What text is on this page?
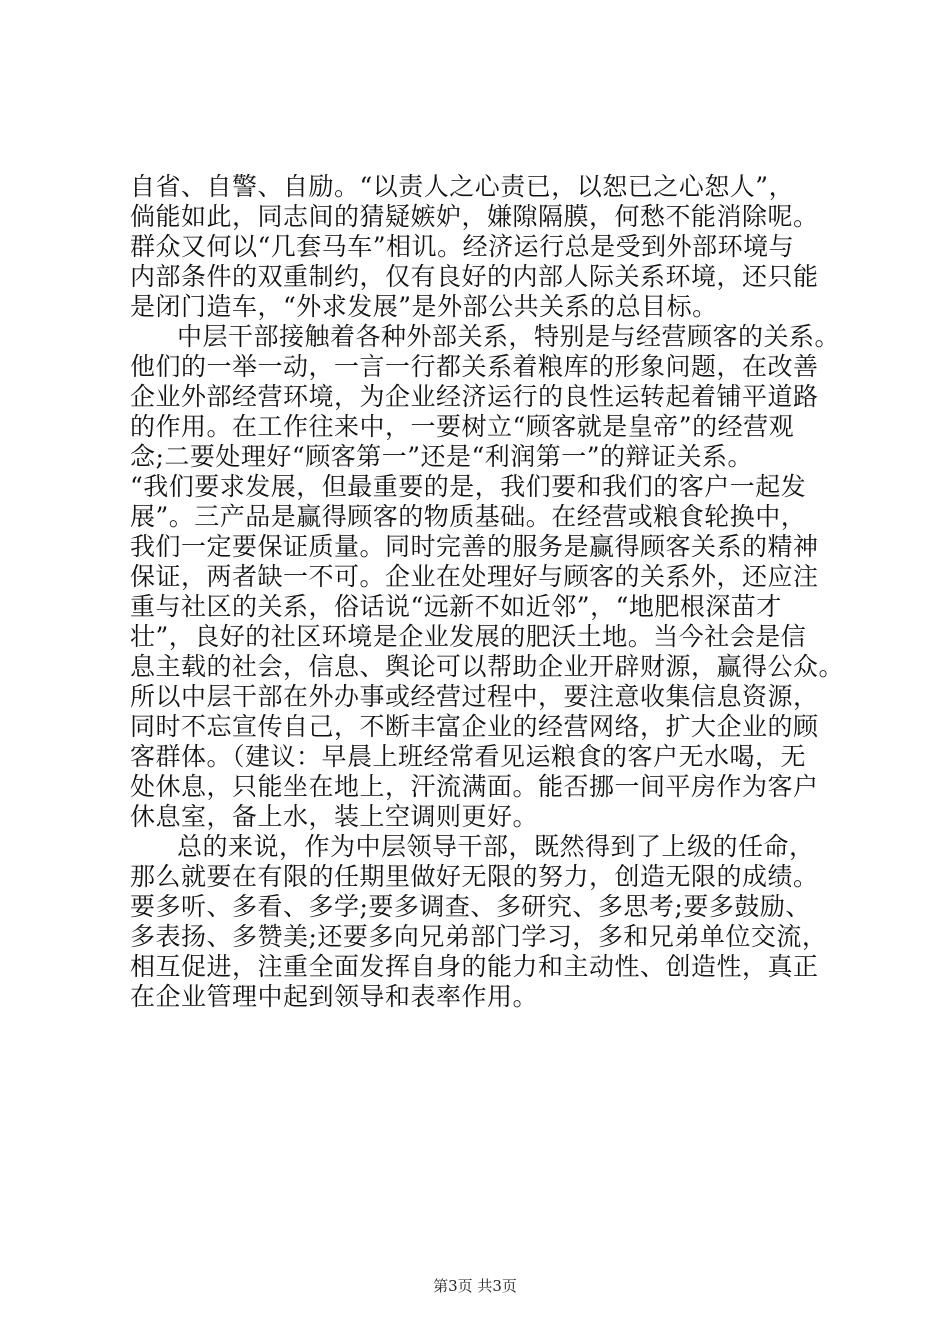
自省、自警、自励。“以责人之心责已，以恕已之心恕人”，
倘能如此，同志间的猜疑嫉妒，嫌隙隔膜，何愁不能消除呢。
群众又何以“几套马车”相讥。经济运行总是受到外部环境与
内部条件的双重制约，仅有良好的内部人际关系环境，还只能
是闭门造车，“外求发展”是外部公共关系的总目标。
中层干部接触着各种外部关系，特别是与经营顾客的关系。
他们的一举一动，一言一行都关系着粮库的形象问题，在改善
企业外部经营环境，为企业经济运行的良性运转起着铺平道路
的作用。在工作往来中，一要树立“顾客就是皇帝”的经营观
念;二要处理好“顾客第一”还是“利润第一”的辩证关系。
“我们要求发展，但最重要的是，我们要和我们的客户一起发
展”。三产品是赢得顾客的物质基础。在经营或粮食轮换中，
我们一定要保证质量。同时完善的服务是赢得顾客关系的精神
保证，两者缺一不可。企业在处理好与顾客的关系外，还应注
重与社区的关系，俗话说“远新不如近邻”，“地肥根深苗才
壮”，良好的社区环境是企业发展的肥沃土地。当今社会是信
息主载的社会，信息、舆论可以帮助企业开辟财源，赢得公众。
所以中层干部在外办事或经营过程中，要注意收集信息资源，
同时不忘宣传自己，不断丰富企业的经营网络，扩大企业的顾
客群体。（建议：早晨上班经常看见运粮食的客户无水喝，无
处休息，只能坐在地上，汗流满面。能否挪一间平房作为客户
休息室，备上水，装上空调则更好。
总的来说，作为中层领导干部，既然得到了上级的任命，
那么就要在有限的任期里做好无限的努力，创造无限的成绩。
要多听、多看、多学;要多调查、多研究、多思考;要多鼓励、
多表扬、多赞美;还要多向兄弟部门学习，多和兄弟单位交流，
相互促进，注重全面发挥自身的能力和主动性、创造性，真正
在企业管理中起到领导和表率作用。
第3页 共3页
